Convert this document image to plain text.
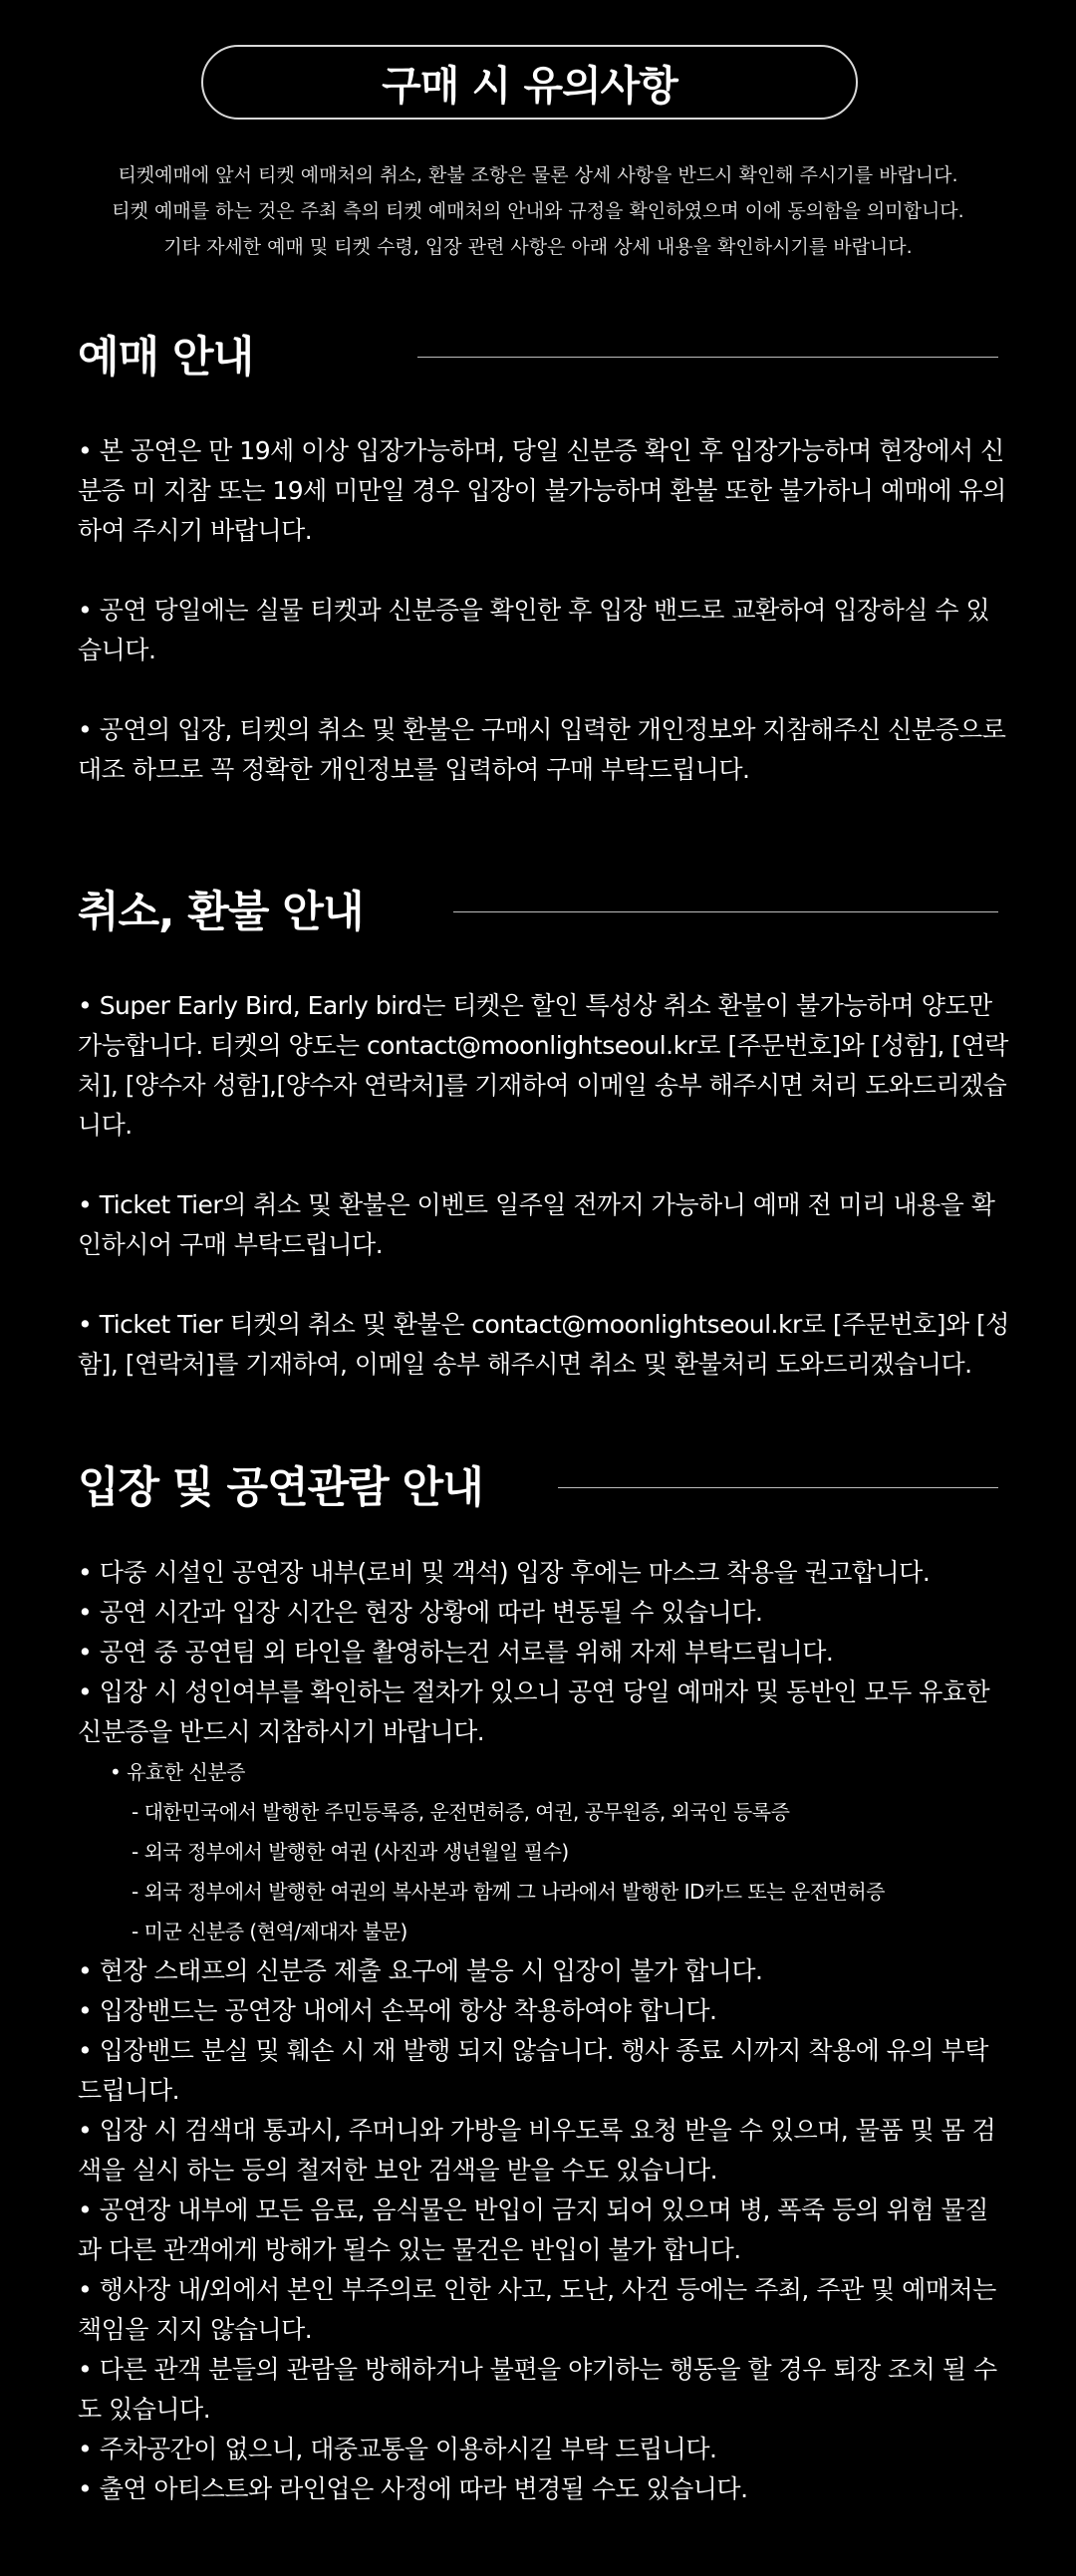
구매 시 유의사항
티켓예매에 앞서 티켓 예매처의 취소, 환불 조항은 물론 상세 사항을 반드시 확인해 주시기를 바랍니다.
티켓 예매를 하는 것은 주최 측의 티켓 예매처의 안내와 규정을 확인하였으며 이에 동의함을 의미합니다.
기타 자세한 예매 및 티켓 수령, 입장 관련 사항은 아래 상세 내용을 확인하시기를 바랍니다.
예매 안내

• 본 공연은 만 19세 이상 입장가능하며, 당일 신분증 확인 후 입장가능하며 현장에서 신분증 미 지참 또는 19세 미만일 경우 입장이 불가능하며 환불 또한 불가하니 예매에 유의하여 주시기 바랍니다.

• 공연 당일에는 실물 티켓과 신분증을 확인한 후 입장 밴드로 교환하여 입장하실 수 있습니다.

• 공연의 입장, 티켓의 취소 및 환불은 구매시 입력한 개인정보와 지참해주신 신분증으로 대조 하므로 꼭 정확한 개인정보를 입력하여 구매 부탁드립니다.

취소, 환불 안내

• Super Early Bird, Early bird는 티켓은 할인 특성상 취소 환불이 불가능하며 양도만 가능합니다. 티켓의 양도는 contact@moonlightseoul.kr로 [주문번호]와 [성함], [연락처], [양수자 성함],[양수자 연락처]를 기재하여 이메일 송부 해주시면 처리 도와드리겠습니다.

• Ticket Tier의 취소 및 환불은 이벤트 일주일 전까지 가능하니 예매 전 미리 내용을 확인하시어 구매 부탁드립니다.

• Ticket Tier 티켓의 취소 및 환불은 contact@moonlightseoul.kr로 [주문번호]와 [성함], [연락처]를 기재하여, 이메일 송부 해주시면 취소 및 환불처리 도와드리겠습니다.

입장 및 공연관람 안내
• 다중 시설인 공연장 내부(로비 및 객석) 입장 후에는 마스크 착용을 권고합니다.
• 공연 시간과 입장 시간은 현장 상황에 따라 변동될 수 있습니다.
• 공연 중 공연팀 외 타인을 촬영하는건 서로를 위해 자제 부탁드립니다.
• 입장 시 성인여부를 확인하는 절차가 있으니 공연 당일 예매자 및 동반인 모두 유효한 신분증을 반드시 지참하시기 바랍니다.
• 유효한 신분증
- 대한민국에서 발행한 주민등록증, 운전면허증, 여권, 공무원증, 외국인 등록증
- 외국 정부에서 발행한 여권 (사진과 생년월일 필수)
- 외국 정부에서 발행한 여권의 복사본과 함께 그 나라에서 발행한 ID카드 또는 운전면허증
- 미군 신분증 (현역/제대자 불문)
• 현장 스태프의 신분증 제출 요구에 불응 시 입장이 불가 합니다.
• 입장밴드는 공연장 내에서 손목에 항상 착용하여야 합니다.
• 입장밴드 분실 및 훼손 시 재 발행 되지 않습니다. 행사 종료 시까지 착용에 유의 부탁드립니다.
• 입장 시 검색대 통과시, 주머니와 가방을 비우도록 요청 받을 수 있으며, 물품 및 몸 검색을 실시 하는 등의 철저한 보안 검색을 받을 수도 있습니다.
• 공연장 내부에 모든 음료, 음식물은 반입이 금지 되어 있으며 병, 폭죽 등의 위험 물질과 다른 관객에게 방해가 될수 있는 물건은 반입이 불가 합니다.
• 행사장 내/외에서 본인 부주의로 인한 사고, 도난, 사건 등에는 주최, 주관 및 예매처는 책임을 지지 않습니다.
• 다른 관객 분들의 관람을 방해하거나 불편을 야기하는 행동을 할 경우 퇴장 조치 될 수도 있습니다.
• 주차공간이 없으니, 대중교통을 이용하시길 부탁 드립니다.
• 출연 아티스트와 라인업은 사정에 따라 변경될 수도 있습니다.
